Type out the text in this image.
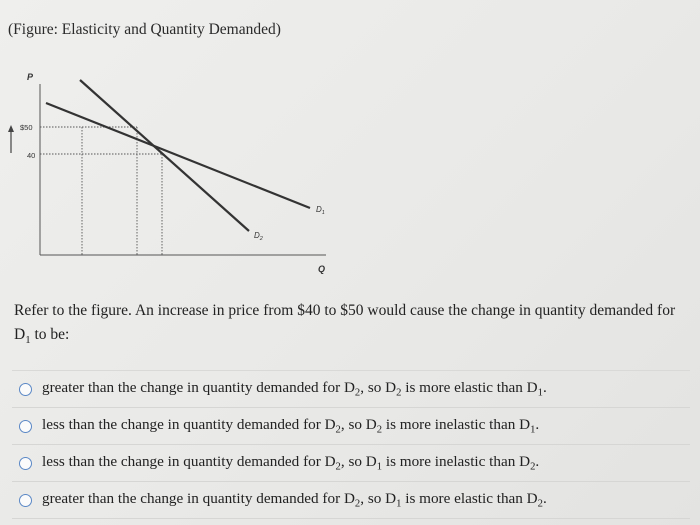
(Figure: Elasticity and Quantity Demanded)
P
Q
$50
40
$D_1$
$D_2$
Refer to the figure. An increase in price from $40 to $50 would cause the change in quantity demanded for
$D_1$ to be:
greater than the change in quantity demanded for $D_2$, so $D_2$ is more elastic than $D_1$.
less than the change in quantity demanded for $D_2$, so $D_2$ is more inelastic than $D_1$.
less than the change in quantity demanded for $D_2$, so $D_1$ is more inelastic than $D_2$.
greater than the change in quantity demanded for $D_2$, so $D_1$ is more elastic than $D_2$.
